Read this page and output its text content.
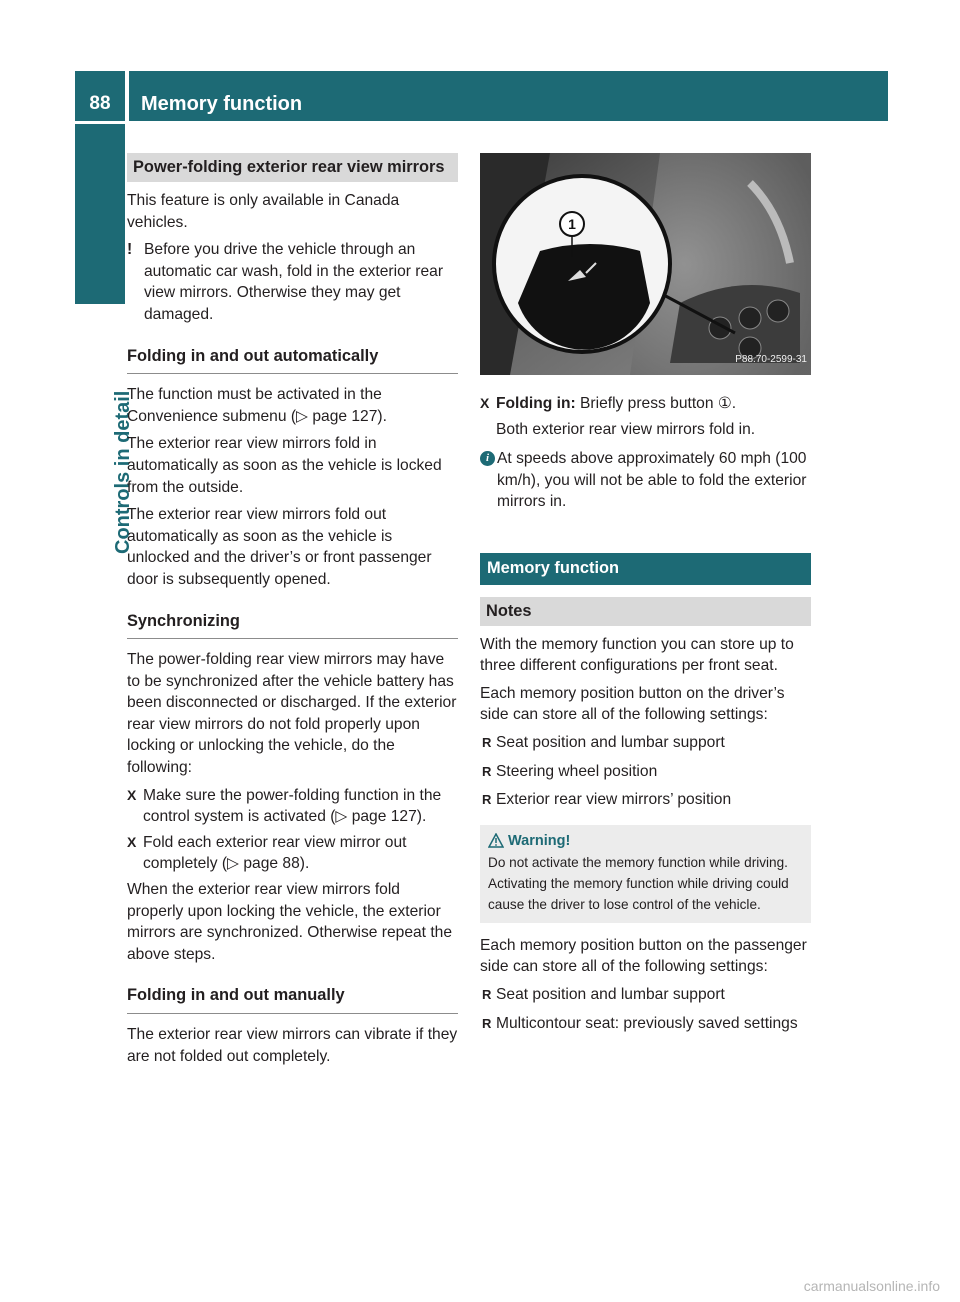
88	Memory function
Controls in detail
Power-folding exterior rear view mirrors

This feature is only available in Canada vehicles.

! Before you drive the vehicle through an automatic car wash, fold in the exterior rear view mirrors. Otherwise they may get damaged.
Folding in and out automatically

The function must be activated in the Convenience submenu (▷ page 127).

The exterior rear view mirrors fold in automatically as soon as the vehicle is locked from the outside.

The exterior rear view mirrors fold out automatically as soon as the vehicle is unlocked and the driver’s or front passenger door is subsequently opened.

Synchronizing

The power-folding rear view mirrors may have to be synchronized after the vehicle battery has been disconnected or discharged. If the exterior rear view mirrors do not fold properly upon locking or unlocking the vehicle, do the following:

X Make sure the power-folding function in the control system is activated (▷ page 127).
X Fold each exterior rear view mirror out completely (▷ page 88).

When the exterior rear view mirrors fold properly upon locking the vehicle, the exterior mirrors are synchronized. Otherwise repeat the above steps.

Folding in and out manually

The exterior rear view mirrors can vibrate if they are not folded out completely.

1
P88.70-2599-31
X Folding in: Briefly press button ①.

Both exterior rear view mirrors fold in.

i At speeds above approximately 60 mph (100 km/h), you will not be able to fold the exterior mirrors in.
Memory function
Notes

With the memory function you can store up to three different configurations per front seat.

Each memory position button on the driver’s side can store all of the following settings:

R Seat position and lumbar support
R Steering wheel position
R Exterior rear view mirrors’ position
Warning!
Do not activate the memory function while driving. Activating the memory function while driving could cause the driver to lose control of the vehicle.

Each memory position button on the passenger side can store all of the following settings:

R Seat position and lumbar support
R Multicontour seat: previously saved settings
carmanualsonline.info
